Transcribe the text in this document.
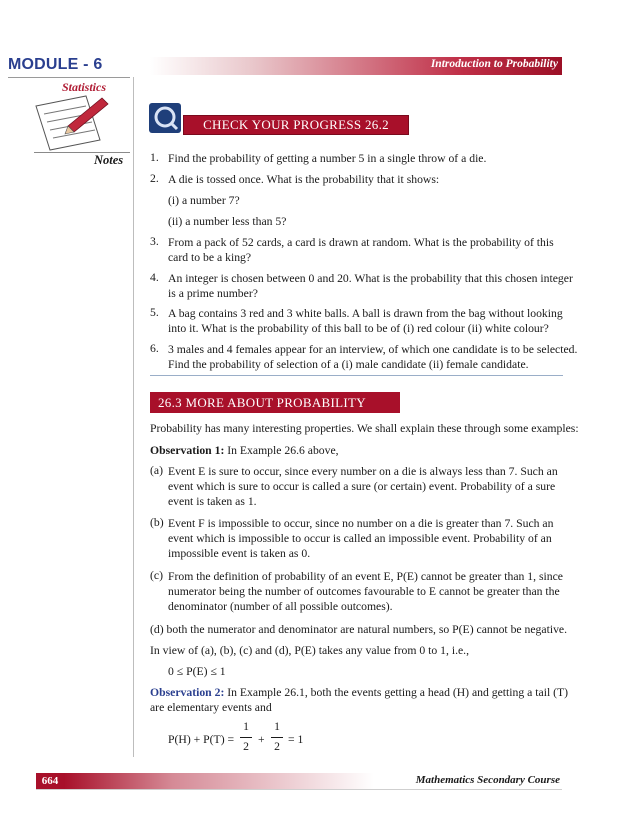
MODULE - 6
Statistics
Introduction to Probability
Notes
CHECK YOUR PROGRESS 26.2
1. Find the probability of getting a number 5 in a single throw of a die.
2. A die is tossed once. What is the probability that it shows:
(i) a number 7?
(ii) a number less than 5?
3. From a pack of 52 cards, a card is drawn at random. What is the probability of this
card to be a king?
4. An integer is chosen between 0 and 20. What is the probability that this chosen integer
is a prime number?
5. A bag contains 3 red and 3 white balls. A ball is drawn from the bag without looking
into it. What is the probability of this ball to be of (i) red colour (ii) white colour?
6. 3 males and 4 females appear for an interview, of which one candidate is to be selected.
Find the probability of selection of a (i) male candidate (ii) female candidate.
26.3 MORE ABOUT PROBABILITY
Probability has many interesting properties. We shall explain these through some examples:
Observation 1: In Example 26.6 above,
(a) Event E is sure to occur, since every number on a die is always less than 7. Such an
event which is sure to occur is called a sure (or certain) event. Probability of a sure
event is taken as 1.
(b) Event F is impossible to occur, since no number on a die is greater than 7. Such an
event which is impossible to occur is called an impossible event. Probability of an
impossible event is taken as 0.
(c) From the definition of probability of an event E, P(E) cannot be greater than 1, since
numerator being the number of outcomes favourable to E cannot be greater than the
denominator (number of all possible outcomes).
(d) both the numerator and denominator are natural numbers, so P(E) cannot be negative.
In view of (a), (b), (c) and (d), P(E) takes any value from 0 to 1, i.e.,
0 ≤ P(E) ≤ 1
Observation 2: In Example 26.1, both the events getting a head (H) and getting a tail (T)
are elementary events and
P(H) + P(T) =
1
2
+
1
2
= 1
664	Mathematics Secondary Course
